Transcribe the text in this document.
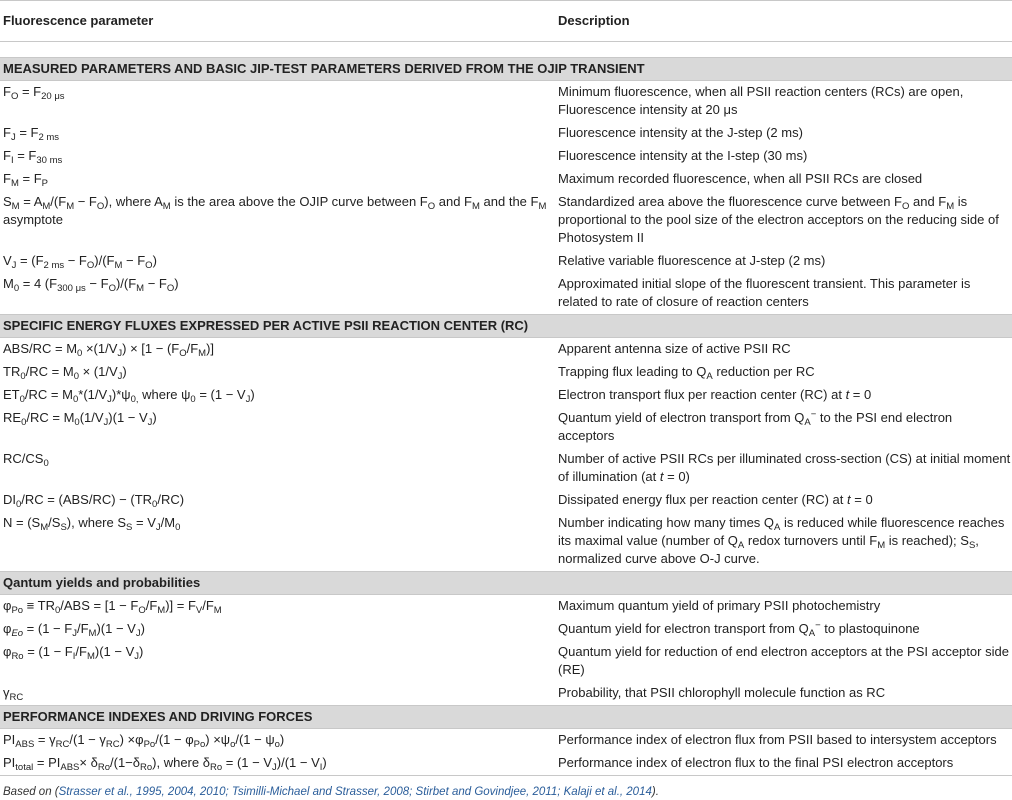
Fluorescence parameter	Description

MEASURED PARAMETERS AND BASIC JIP-TEST PARAMETERS DERIVED FROM THE OJIP TRANSIENT	
$F_O = F_{20 \mu s}$	Minimum fluorescence, when all PSII reaction centers (RCs) are open, Fluorescence intensity at 20 μs
$F_J = F_{2 ms}$	Fluorescence intensity at the J-step (2 ms)
$F_I = F_{30 ms}$	Fluorescence intensity at the I-step (30 ms)
$F_M = F_P$	Maximum recorded fluorescence, when all PSII RCs are closed
$S_M = A_M/(F_M - F_O)$, where $A_M$ is the area above the OJIP curve between $F_O$ and $F_M$ and the $F_M$ asymptote	Standardized area above the fluorescence curve between $F_O$ and $F_M$ is proportional to the pool size of the electron acceptors on the reducing side of Photosystem II
$V_J = (F_{2 ms} - F_O)/(F_M - F_O)$	Relative variable fluorescence at J-step (2 ms)
$M_0 = 4$ $(F_{300 \mu s} - F_O)/(F_M - F_O)$	Approximated initial slope of the fluorescent transient. This parameter is related to rate of closure of reaction centers
SPECIFIC ENERGY FLUXES EXPRESSED PER ACTIVE PSII REACTION CENTER (RC)	
$ABS/RC = M_0 \times(1/V_J) \times [1 - (F_O/F_M)]$	Apparent antenna size of active PSII RC
$TR_0/RC = M_0 \times (1/V_J)$	Trapping flux leading to $Q_A$ reduction per RC
$ET_0/RC = M_0*(1/V_J)*\psi_{0,}$ where $\psi_0 = (1 - V_J)$	Electron transport flux per reaction center (RC) at t = 0
$RE_0/RC = M_0(1/V_J)(1 - V_J)$	Quantum yield of electron transport from $Q_A^-$ to the PSI end electron acceptors
$RC/CS_0$	Number of active PSII RCs per illuminated cross-section (CS) at initial moment of illumination (at t = 0)
$DI_0/RC = (ABS/RC) - (TR_0/RC)$	Dissipated energy flux per reaction center (RC) at t = 0
$N = (S_M/S_S)$, where $S_S = V_J/M_0$	Number indicating how many times $Q_A$ is reduced while fluorescence reaches its maximal value (number of $Q_A$ redox turnovers until $F_M$ is reached); $S_S$, normalized curve above O-J curve.
Qantum yields and probabilities	
$\varphi_{Po} \equiv TR_0/ABS = [1 - F_O/F_M)] = F_V/F_M$	Maximum quantum yield of primary PSII photochemistry
$\varphi_{Eo} = (1 - F_J/F_M)(1 - V_J)$	Quantum yield for electron transport from $Q_A^-$ to plastoquinone
$\varphi_{Ro} = (1 - F_I/F_M)(1 - V_J)$	Quantum yield for reduction of end electron acceptors at the PSI acceptor side (RE)
$\gamma_{RC}$	Probability, that PSII chlorophyll molecule function as RC
PERFORMANCE INDEXES AND DRIVING FORCES	
$PI_{ABS} = \gamma_{RC}/(1 - \gamma_{RC}) \times\varphi_{Po}/(1 - \varphi_{Po}) \times\psi_o/(1 - \psi_o)$	Performance index of electron flux from PSII based to intersystem acceptors
$PI_{total} = PI_{ABS}\times \delta_{Ro}/(1-\delta_{Ro})$, where $\delta_{Ro} = (1 - V_J)/(1 - V_I)$	Performance index of electron flux to the final PSI electron acceptors
Based on (Strasser et al., 1995, 2004, 2010; Tsimilli-Michael and Strasser, 2008; Stirbet and Govindjee, 2011; Kalaji et al., 2014).
